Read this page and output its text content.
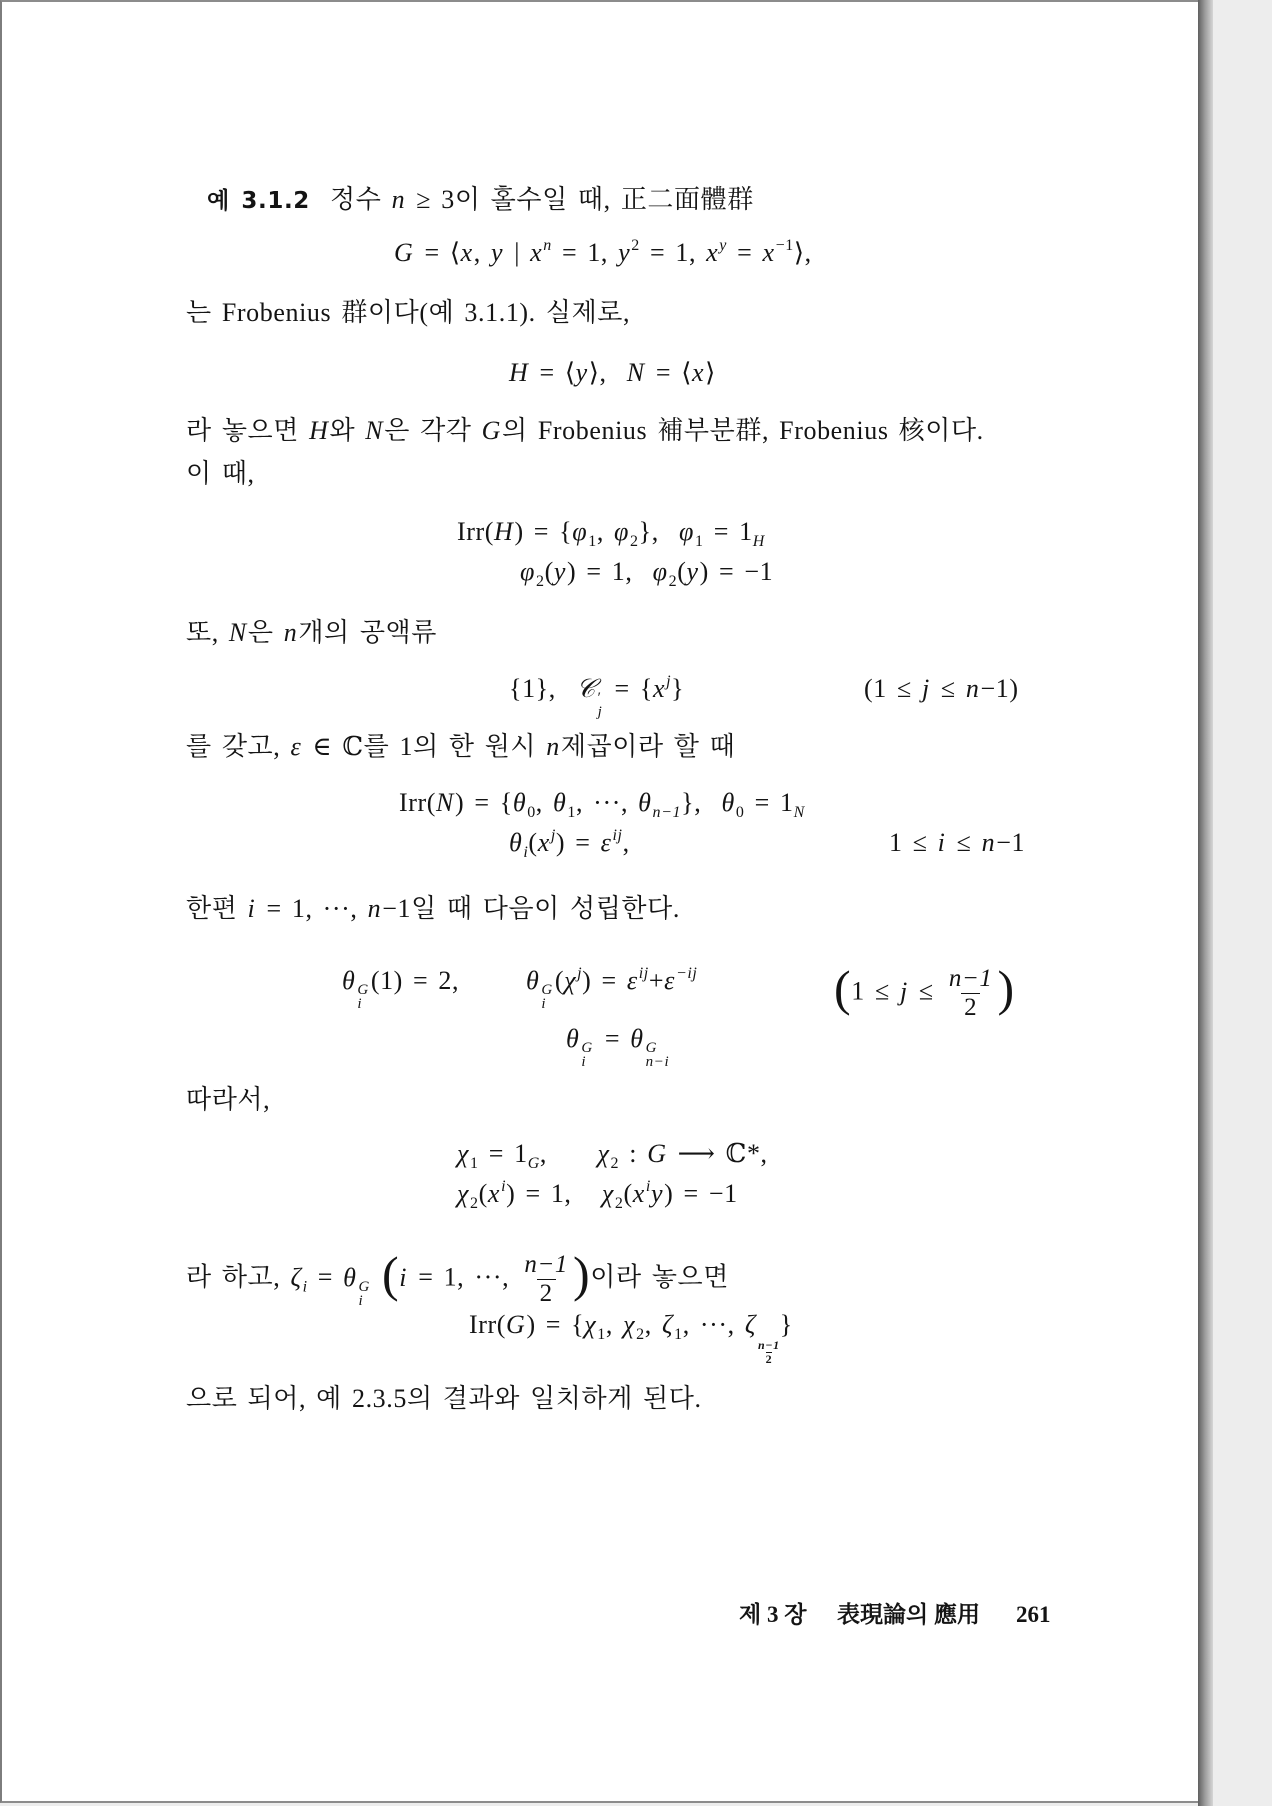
예 3.1.2 정수 n ≥ 3이 홀수일 때, 正二面體群
G = ⟨x, y | $x^n = 1$, $y^2 = 1$, $x^y$ = $x^{-1}⟩$,
는 Frobenius 群이다(예 3.1.1). 실제로,
H = ⟨y⟩,  N = ⟨x⟩
라 놓으면 H와 N은 각각 G의 Frobenius 補부분群, Frobenius 核이다.
이 때,
$Irr(H) = \{\varphi_1$, $\varphi_2$},  $\varphi_1 = 1_H$
$\varphi_2(y) = 1$,  $\varphi_2(y) = -1$
또, N은 n개의 공액류
{1},  𝒞 ′
j
= $\{x^j\}$	(1 ≤ j ≤ n−1)
를 갖고, ε ∈ ℂ를 1의 한 원시 n제곱이라 할 때
$Irr(N) = \{\theta_0$, $\theta_1$, ···, $\theta_{n-1}$},  $\theta_0 = 1_N$
$\theta_i(x^j) = \varepsilon^{ij}$,	1 ≤ i ≤ n−1
한편 i = 1, ···, n−1일 때 다음이 성립한다.
θ G
i
(1) = 2,	θ G
i
$(\chi^j) = \varepsilon^{ij}+\varepsilon^{-ij}$	($1 \le j \le \frac{n-1}{2}$ )
θ G
i
= θ G
n−i
따라서,
$\chi_1 = 1_G$,     $\chi_2$ : G ⟶ ℂ*,
$\chi_2(x^i) = 1$,   $\chi_2(x^iy) = -1$
라 하고, $\zeta_i = \theta$ G
i (i = 1, ···, $\frac{n-1}{2}$ )이라 놓으면
$Irr(G) = \{\chi_1$, $\chi_2$, $\zeta_1$, ···, ζ
$\frac{n-1}{2}$
}
으로 되어, 예 2.3.5의 결과와 일치하게 된다.

제 3 장

表現論의 應用

261
